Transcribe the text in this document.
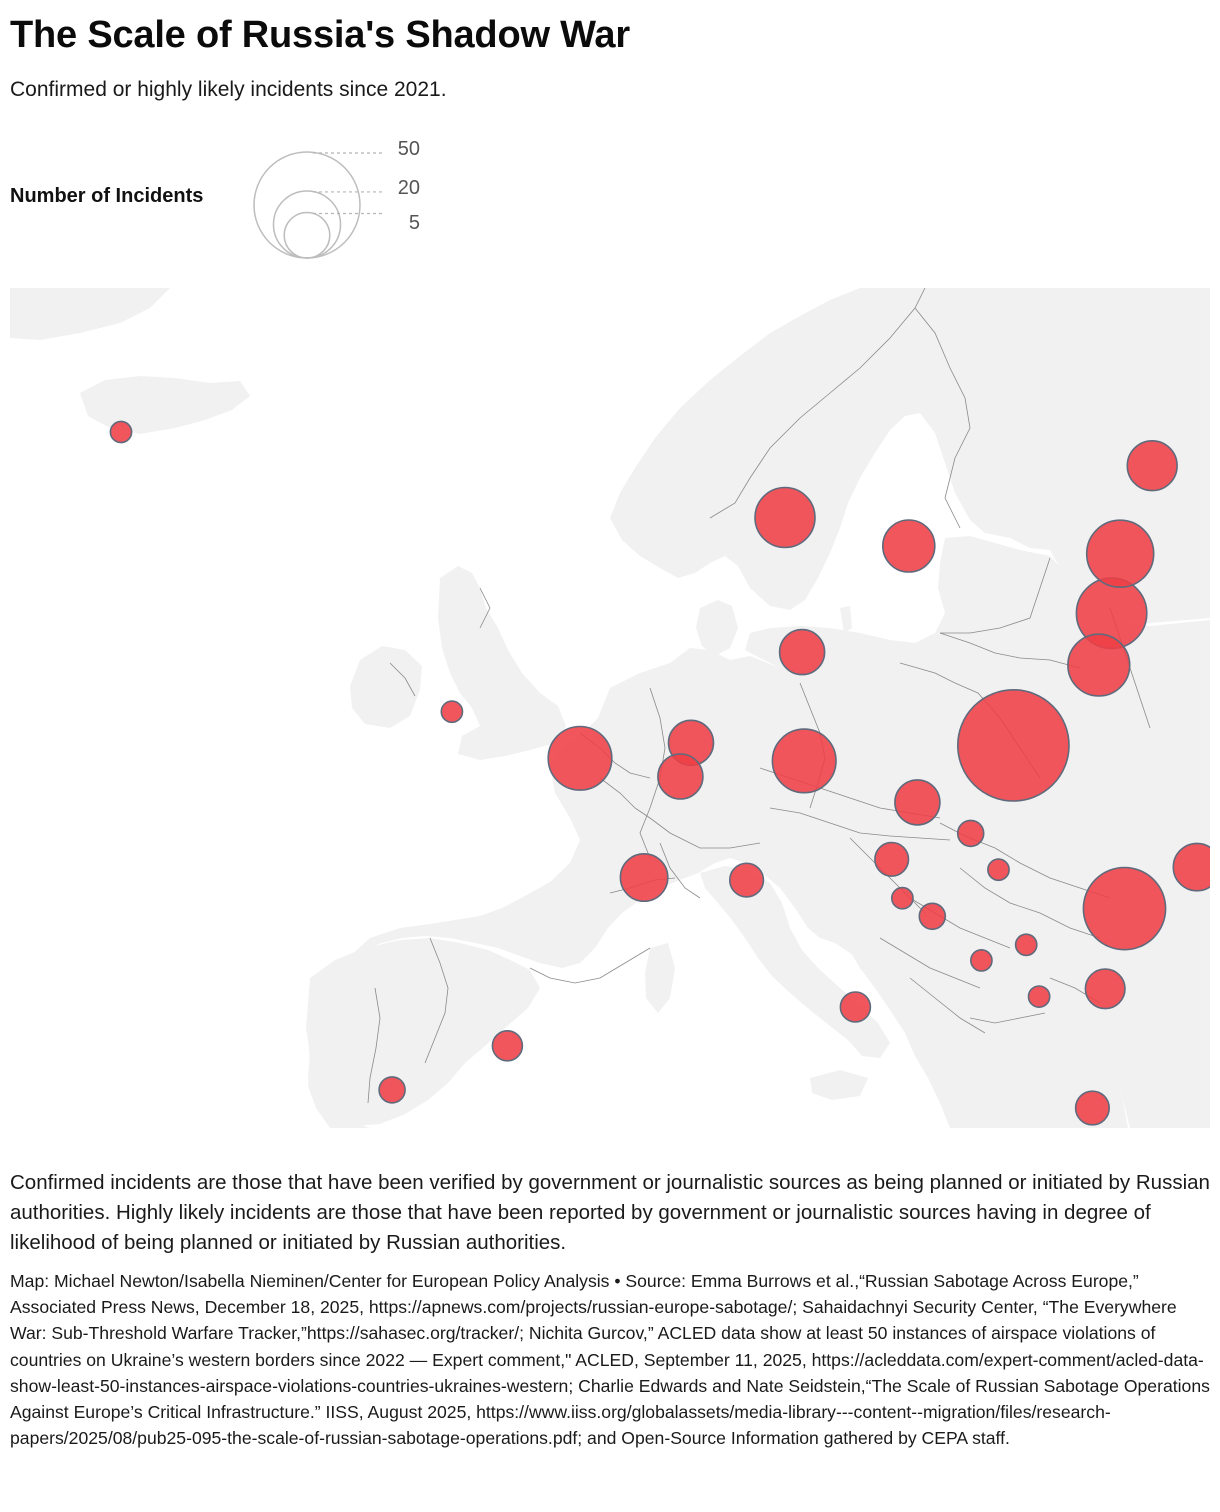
The Scale of Russia's Shadow War
Confirmed or highly likely incidents since 2021.
Number of Incidents
50
20
5
Confirmed incidents are those that have been verified by government or journalistic sources as being planned or initiated by Russian authorities. Highly likely incidents are those that have been reported by government or journalistic sources having in degree of likelihood of being planned or initiated by Russian authorities.
Map: Michael Newton/Isabella Nieminen/Center for European Policy Analysis • Source: Emma Burrows et al.,“Russian Sabotage Across Europe,” Associated Press News, December 18, 2025, https://apnews.com/projects/russian-europe-sabotage/; Sahaidachnyi Security Center, “The Everywhere War: Sub-Threshold Warfare Tracker,”https://sahasec.org/tracker/; Nichita Gurcov,” ACLED data show at least 50 instances of airspace violations of countries on Ukraine’s western borders since 2022 — Expert comment," ACLED, September 11, 2025, https://acleddata.com/expert-comment/acled-data-show-least-50-instances-airspace-violations-countries-ukraines-western; Charlie Edwards and Nate Seidstein,“The Scale of Russian Sabotage Operations Against Europe’s Critical Infrastructure.” IISS, August 2025, https://www.iiss.org/globalassets/media-library---content--migration/files/research-papers/2025/08/pub25-095-the-scale-of-russian-sabotage-operations.pdf; and Open-Source Information gathered by CEPA staff.
